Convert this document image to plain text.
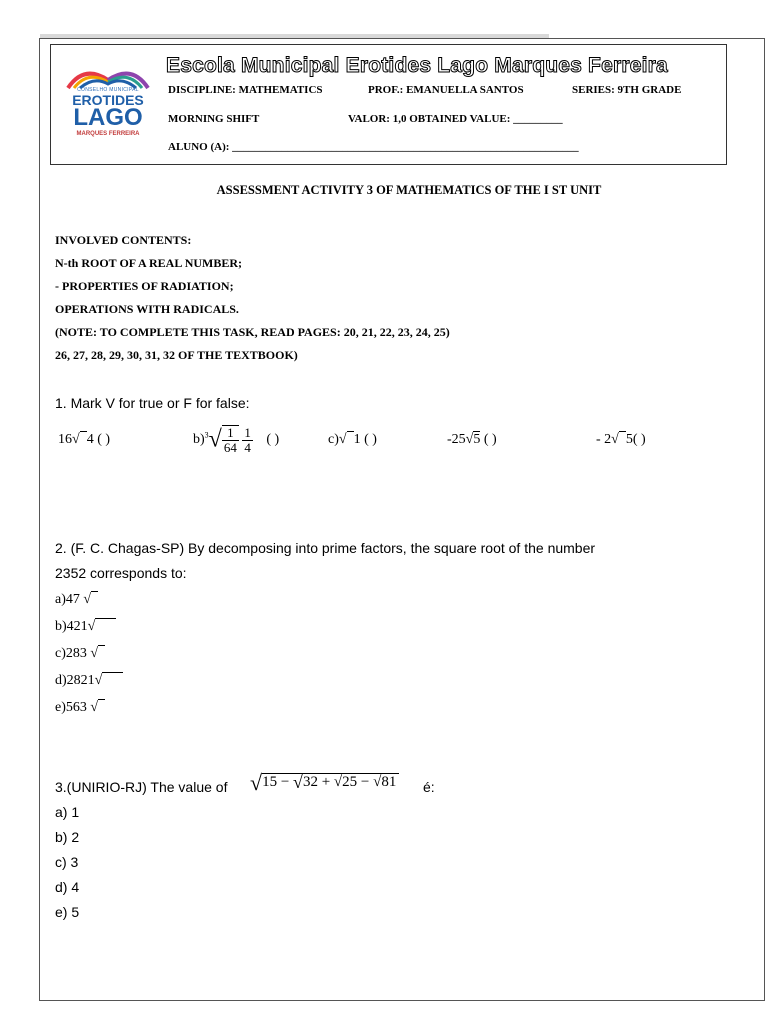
CONSELHO MUNICIPAL
EROTIDES
LAGO
MARQUES FERREIRA
Escola Municipal Erotides Lago Marques Ferreira
DISCIPLINE: MATHEMATICS	PROF.: EMANUELLA SANTOS	SERIES: 9TH GRADE
MORNING SHIFT	VALOR: 1,0 OBTAINED VALUE: _________
ALUNO (A): _______________________________________________________________
ASSESSMENT ACTIVITY 3 OF MATHEMATICS OF THE I ST UNIT
INVOLVED CONTENTS:
N-th ROOT OF A REAL NUMBER;
- PROPERTIES OF RADIATION;
OPERATIONS WITH RADICALS.
(NOTE: TO COMPLETE THIS TASK, READ PAGES: 20, 21, 22, 23, 24, 25)
26, 27, 28, 29, 30, 31, 32 OF THE TEXTBOOK)
1. Mark V for true or F for false:
16√  4 ( )	$b)^3√ \frac{1}{64}$
$\frac{1}{4}$ ( )	c)√  1 ( )	-25√5 ( )	- 2√  5( )
2. (F. C. Chagas-SP) By decomposing into prime factors, the square root of the number
2352 corresponds to:
a)47 √ 
b)421√   
c)283 √ 
d)2821√   
e)563 √ 
3.(UNIRIO-RJ) The value of √15 − √32 + √25 − √81 é:
a) 1
b) 2
c) 3
d) 4
e) 5
